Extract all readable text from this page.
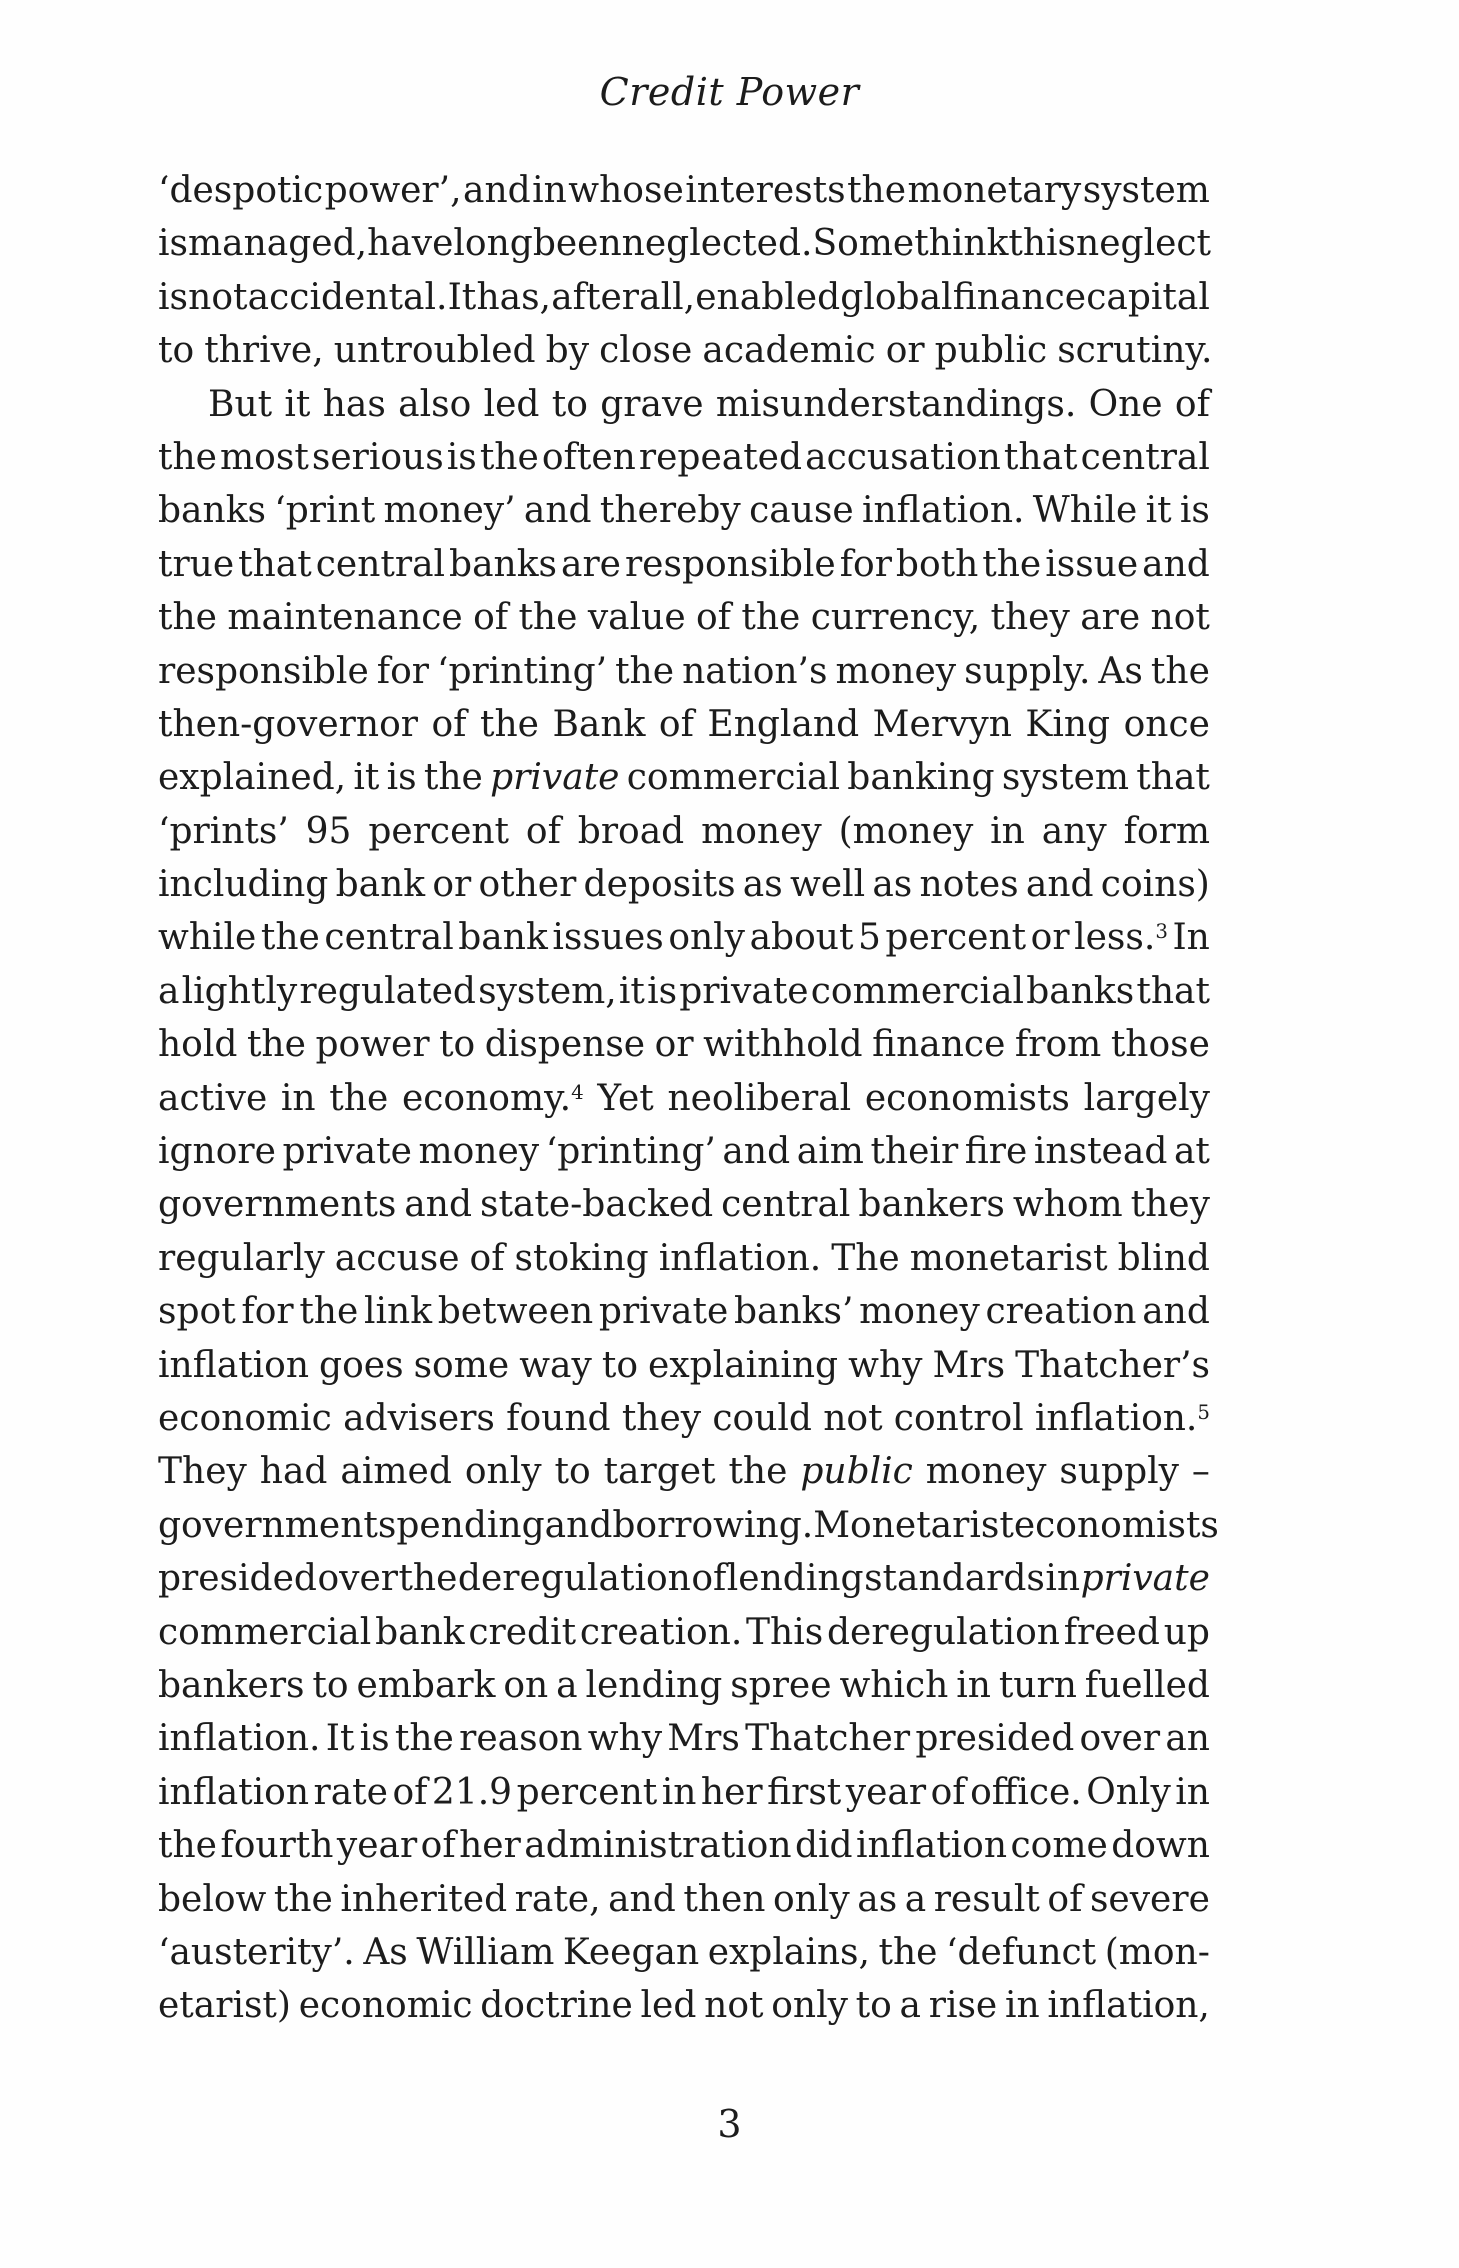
Credit Power
‘despotic power’, and in whose interests the monetary system
is managed, have long been neglected. Some think this neglect
is not accidental. It has, after all, enabled global finance capital
to thrive, untroubled by close academic or public scrutiny.
But it has also led to grave misunderstandings. One of
the most serious is the often repeated accusation that central
banks ‘print money’ and thereby cause inflation. While it is
true that central banks are responsible for both the issue and
the maintenance of the value of the currency, they are not
responsible for ‘printing’ the nation’s money supply. As the
then-governor of the Bank of England Mervyn King once
explained, it is the private commercial banking system that
‘prints’ 95 percent of broad money (money in any form
including bank or other deposits as well as notes and coins)
while the central bank issues only about 5 percent or less.$^3$ In
a lightly regulated system, it is private commercial banks that
hold the power to dispense or withhold finance from those
active in the economy.$^4$ Yet neoliberal economists largely
ignore private money ‘printing’ and aim their fire instead at
governments and state-backed central bankers whom they
regularly accuse of stoking inflation. The monetarist blind
spot for the link between private banks’ money creation and
inflation goes some way to explaining why Mrs Thatcher’s
economic advisers found they could not control inflation.$^5$
They had aimed only to target the public money supply –
government spending and borrowing. Monetarist economists
presided over the deregulation of lending standards in private
commercial bank credit creation. This deregulation freed up
bankers to embark on a lending spree which in turn fuelled
inflation. It is the reason why Mrs Thatcher presided over an
inflation rate of 21.9 percent in her first year of office. Only in
the fourth year of her administration did inflation come down
below the inherited rate, and then only as a result of severe
‘austerity’. As William Keegan explains, the ‘defunct (mon-
etarist) economic doctrine led not only to a rise in inflation,
3
